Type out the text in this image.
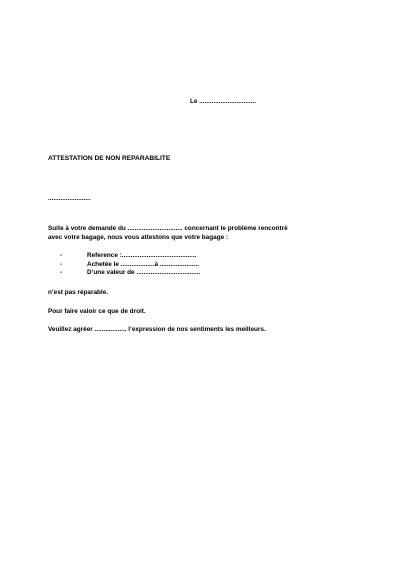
Le ................................
ATTESTATION DE NON REPARABILITE
........................
Suite à votre demande du ............................... concernant le problème rencontré
avec votre bagage, nous vous attestons que votre bagage :
-	Reference :..........................................
-	Achetée le ...................à ......................
-	D’une valeur de ....................................
n’est pas réparable.
Pour faire valoir ce que de droit.
Veuillez agréer .................. l’expression de nos sentiments les meilleurs.
